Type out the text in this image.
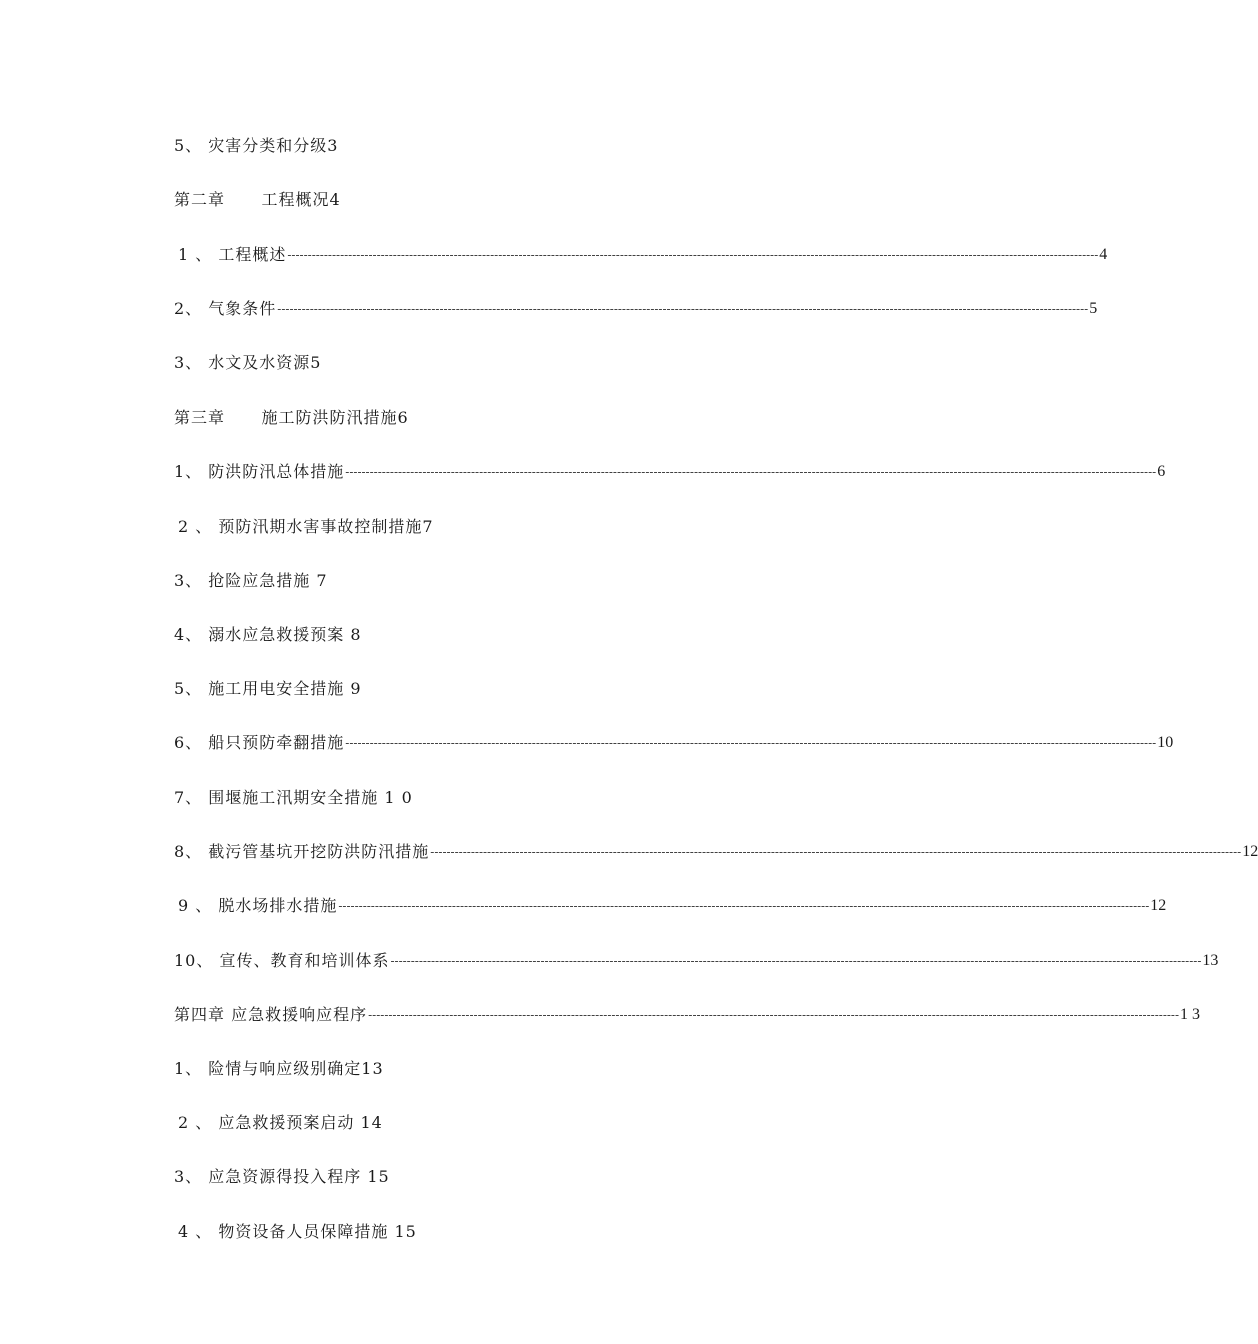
5、 灾害分类和分级3
第二章      工程概况4
1 、 工程概述 -------------------------------------------------------------------------------------------------------------------------------------------------------------------------------------------------------- 4
2、 气象条件 -------------------------------------------------------------------------------------------------------------------------------------------------------------------------------------------------------- 5
3、 水文及水资源5
第三章      施工防洪防汛措施6
1、 防洪防汛总体措施 -------------------------------------------------------------------------------------------------------------------------------------------------------------------------------------------------------- 6
2 、 预防汛期水害事故控制措施7
3、 抢险应急措施 7
4、 溺水应急救援预案 8
5、 施工用电安全措施 9
6、 船只预防牵翻措施 -------------------------------------------------------------------------------------------------------------------------------------------------------------------------------------------------------- 10
7、 围堰施工汛期安全措施 1 0
8、 截污管基坑开挖防洪防汛措施 -------------------------------------------------------------------------------------------------------------------------------------------------------------------------------------------------------- 12
9 、 脱水场排水措施 -------------------------------------------------------------------------------------------------------------------------------------------------------------------------------------------------------- 12
10、 宣传、教育和培训体系 -------------------------------------------------------------------------------------------------------------------------------------------------------------------------------------------------------- 13
第四章 应急救援响应程序 -------------------------------------------------------------------------------------------------------------------------------------------------------------------------------------------------------- 1 3
1、 险情与响应级别确定13
2 、 应急救援预案启动 14
3、 应急资源得投入程序 15
4 、 物资设备人员保障措施 15
